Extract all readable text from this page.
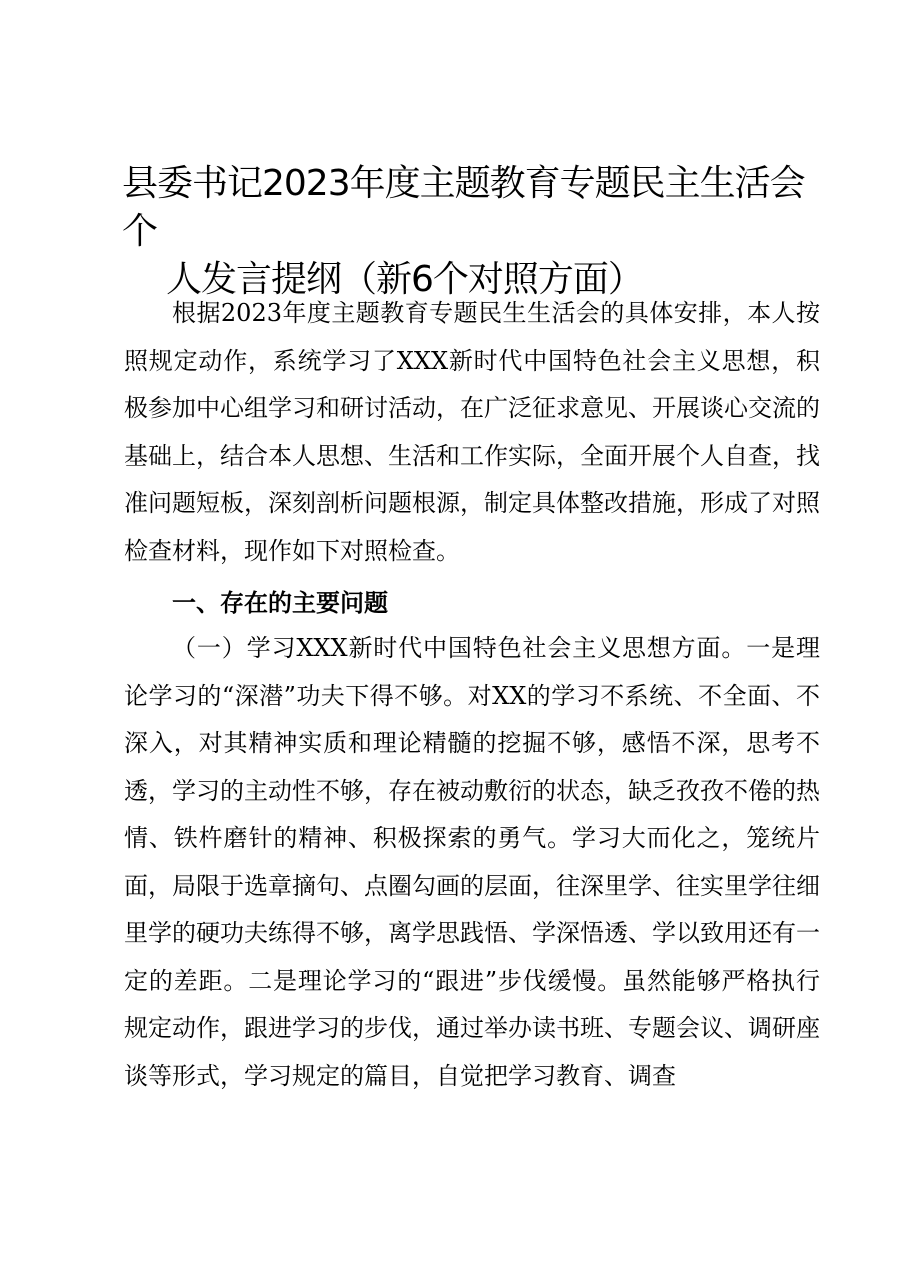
县委书记2023年度主题教育专题民主生活会个
人发言提纲（新6个对照方面）

根据2023年度主题教育专题民生生活会的具体安排，本人按照规定动作，系统学习了XXX新时代中国特色社会主义思想，积极参加中心组学习和研讨活动，在广泛征求意见、开展谈心交流的基础上，结合本人思想、生活和工作实际，全面开展个人自查，找准问题短板，深刻剖析问题根源，制定具体整改措施，形成了对照检查材料，现作如下对照检查。

一、存在的主要问题

（一）学习XXX新时代中国特色社会主义思想方面。一是理论学习的“深潜”功夫下得不够。对XX的学习不系统、不全面、不深入，对其精神实质和理论精髓的挖掘不够，感悟不深，思考不透，学习的主动性不够，存在被动敷衍的状态，缺乏孜孜不倦的热情、铁杵磨针的精神、积极探索的勇气。学习大而化之，笼统片面，局限于选章摘句、点圈勾画的层面，往深里学、往实里学往细里学的硬功夫练得不够，离学思践悟、学深悟透、学以致用还有一定的差距。二是理论学习的“跟进”步伐缓慢。虽然能够严格执行规定动作，跟进学习的步伐，通过举办读书班、专题会议、调研座谈等形式，学习规定的篇目，自觉把学习教育、调查
